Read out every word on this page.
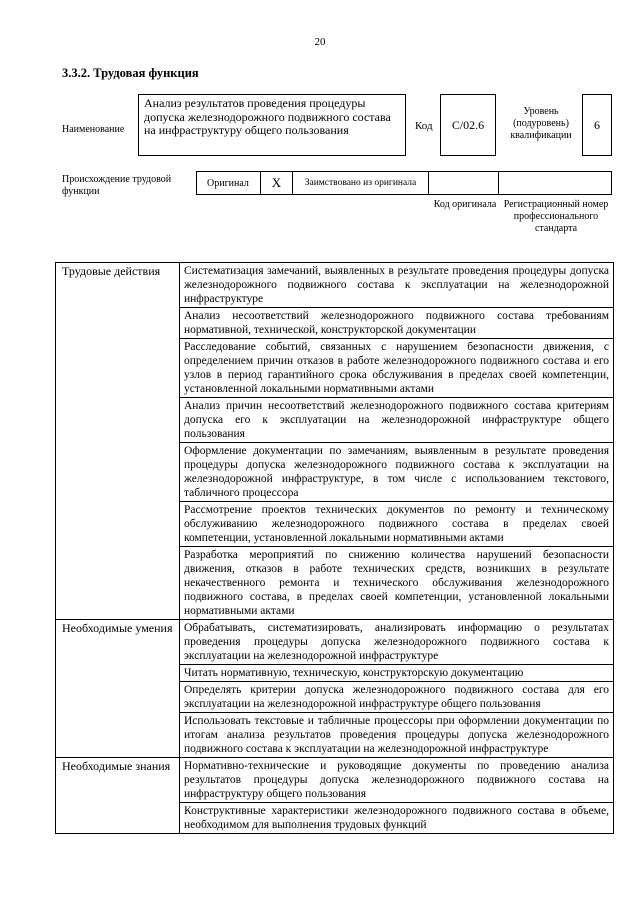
20
3.3.2. Трудовая функция
Наименование
Анализ результатов проведения процедуры допуска железнодорожного подвижного состава на инфраструктуру общего пользования	Код	С/02.6
Уровень (подуровень) квалификации
6
Происхождение трудовой функции
Оригинал	X	Заимствовано из оригинала
Код оригинала Регистрационный номер профессионального стандарта
Трудовые действия	Систематизация замечаний, выявленных в результате проведения процедуры допуска железнодорожного подвижного состава к эксплуатации на железнодорожной инфраструктуре
	Анализ несоответствий железнодорожного подвижного состава требованиям нормативной, технической, конструкторской документации
	Расследование событий, связанных с нарушением безопасности движения, с определением причин отказов в работе железнодорожного подвижного состава и его узлов в период гарантийного срока обслуживания в пределах своей компетенции, установленной локальными нормативными актами
	Анализ причин несоответствий железнодорожного подвижного состава критериям допуска его к эксплуатации на железнодорожной инфраструктуре общего пользования
	Оформление документации по замечаниям, выявленным в результате проведения процедуры допуска железнодорожного подвижного состава к эксплуатации на железнодорожной инфраструктуре, в том числе с использованием текстового, табличного процессора
	Рассмотрение проектов технических документов по ремонту и техническому обслуживанию железнодорожного подвижного состава в пределах своей компетенции, установленной локальными нормативными актами
	Разработка мероприятий по снижению количества нарушений безопасности движения, отказов в работе технических средств, возникших в результате некачественного ремонта и технического обслуживания железнодорожного подвижного состава, в пределах своей компетенции, установленной локальными нормативными актами
Необходимые умения	Обрабатывать, систематизировать, анализировать информацию о результатах проведения процедуры допуска железнодорожного подвижного состава к эксплуатации на железнодорожной инфраструктуре
	Читать нормативную, техническую, конструкторскую документацию
	Определять критерии допуска железнодорожного подвижного состава для его эксплуатации на железнодорожной инфраструктуре общего пользования
	Использовать текстовые и табличные процессоры при оформлении документации по итогам анализа результатов проведения процедуры допуска железнодорожного подвижного состава к эксплуатации на железнодорожной инфраструктуре
Необходимые знания	Нормативно-технические и руководящие документы по проведению анализа результатов процедуры допуска железнодорожного подвижного состава на инфраструктуру общего пользования
	Конструктивные характеристики железнодорожного подвижного состава в объеме, необходимом для выполнения трудовых функций
